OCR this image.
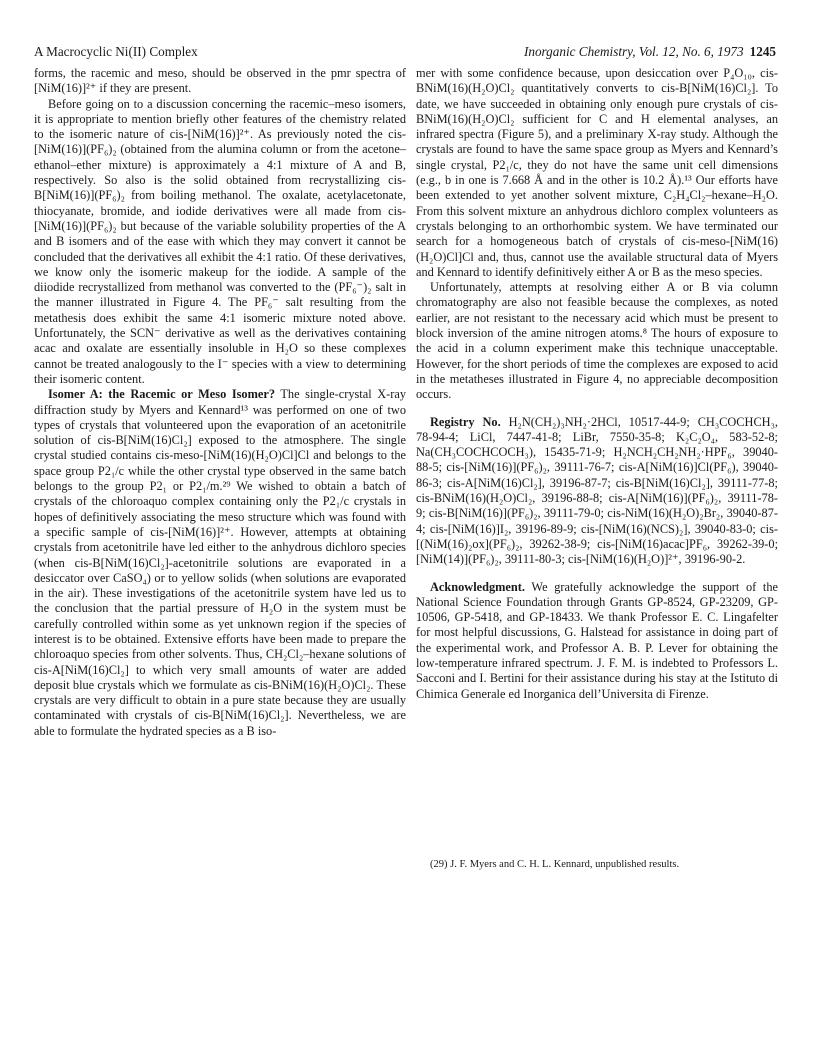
A Macrocyclic Ni(II) Complex	Inorganic Chemistry, Vol. 12, No. 6, 1973 1245

forms, the racemic and meso, should be observed in the pmr spectra of [NiM(16)]²⁺ if they are present.

Before going on to a discussion concerning the racemic–meso isomers, it is appropriate to mention briefly other features of the chemistry related to the isomeric nature of cis-[NiM(16)]²⁺. As previously noted the cis-[NiM(16)](PF₆)₂ (obtained from the alumina column or from the acetone–ethanol–ether mixture) is approximately a 4:1 mixture of A and B, respectively. So also is the solid obtained from recrystallizing cis-B[NiM(16)](PF₆)₂ from boiling methanol. The oxalate, acetylacetonate, thiocyanate, bromide, and iodide derivatives were all made from cis-[NiM(16)](PF₆)₂ but because of the variable solubility properties of the A and B isomers and of the ease with which they may convert it cannot be concluded that the derivatives all exhibit the 4:1 ratio. Of these derivatives, we know only the isomeric makeup for the iodide. A sample of the diiodide recrystallized from methanol was converted to the (PF₆⁻)₂ salt in the manner illustrated in Figure 4. The PF₆⁻ salt resulting from the metathesis does exhibit the same 4:1 isomeric mixture noted above. Unfortunately, the SCN⁻ derivative as well as the derivatives containing acac and oxalate are essentially insoluble in H₂O so these complexes cannot be treated analogously to the I⁻ species with a view to determining their isomeric content.

Isomer A: the Racemic or Meso Isomer? The single-crystal X-ray diffraction study by Myers and Kennard¹³ was performed on one of two types of crystals that volunteered upon the evaporation of an acetonitrile solution of cis-B[NiM(16)Cl₂] exposed to the atmosphere. The single crystal studied contains cis-meso-[NiM(16)(H₂O)Cl]Cl and belongs to the space group P2₁/c while the other crystal type observed in the same batch belongs to the group P2₁ or P2₁/m.²⁹ We wished to obtain a batch of crystals of the chloroaquo complex containing only the P2₁/c crystals in hopes of definitively associating the meso structure which was found with a specific sample of cis-[NiM(16)]²⁺. However, attempts at obtaining crystals from acetonitrile have led either to the anhydrous dichloro species (when cis-B[NiM(16)Cl₂]-acetonitrile solutions are evaporated in a desiccator over CaSO₄) or to yellow solids (when solutions are evaporated in the air). These investigations of the acetonitrile system have led us to the conclusion that the partial pressure of H₂O in the system must be carefully controlled within some as yet unknown region if the species of interest is to be obtained. Extensive efforts have been made to prepare the chloroaquo species from other solvents. Thus, CH₂Cl₂–hexane solutions of cis-A[NiM(16)Cl₂] to which very small amounts of water are added deposit blue crystals which we formulate as cis-BNiM(16)(H₂O)Cl₂. These crystals are very difficult to obtain in a pure state because they are usually contaminated with crystals of cis-B[NiM(16)Cl₂]. Nevertheless, we are able to formulate the hydrated species as a B iso-

mer with some confidence because, upon desiccation over P₄O₁₀, cis-BNiM(16)(H₂O)Cl₂ quantitatively converts to cis-B[NiM(16)Cl₂]. To date, we have succeeded in obtaining only enough pure crystals of cis-BNiM(16)(H₂O)Cl₂ sufficient for C and H elemental analyses, an infrared spectra (Figure 5), and a preliminary X-ray study. Although the crystals are found to have the same space group as Myers and Kennard’s single crystal, P2₁/c, they do not have the same unit cell dimensions (e.g., b in one is 7.668 Å and in the other is 10.2 Å).¹³ Our efforts have been extended to yet another solvent mixture, C₂H₄Cl₂–hexane–H₂O. From this solvent mixture an anhydrous dichloro complex volunteers as crystals belonging to an orthorhombic system. We have terminated our search for a homogeneous batch of crystals of cis-meso-[NiM(16)(H₂O)Cl]Cl and, thus, cannot use the available structural data of Myers and Kennard to identify definitively either A or B as the meso species.

Unfortunately, attempts at resolving either A or B via column chromatography are also not feasible because the complexes, as noted earlier, are not resistant to the necessary acid which must be present to block inversion of the amine nitrogen atoms.⁸ The hours of exposure to the acid in a column experiment make this technique unacceptable. However, for the short periods of time the complexes are exposed to acid in the metatheses illustrated in Figure 4, no appreciable decomposition occurs.

Registry No. H₂N(CH₂)₃NH₂·2HCl, 10517-44-9; CH₃COCHCH₃, 78-94-4; LiCl, 7447-41-8; LiBr, 7550-35-8; K₂C₂O₄, 583-52-8; Na(CH₃COCHCOCH₃), 15435-71-9; H₂NCH₂CH₂NH₂·HPF₆, 39040-88-5; cis-[NiM(16)](PF₆)₂, 39111-76-7; cis-A[NiM(16)]Cl(PF₆), 39040-86-3; cis-A[NiM(16)Cl₂], 39196-87-7; cis-B[NiM(16)Cl₂], 39111-77-8; cis-BNiM(16)(H₂O)Cl₂, 39196-88-8; cis-A[NiM(16)](PF₆)₂, 39111-78-9; cis-B[NiM(16)](PF₆)₂, 39111-79-0; cis-NiM(16)(H₂O)₂Br₂, 39040-87-4; cis-[NiM(16)]I₂, 39196-89-9; cis-[NiM(16)(NCS)₂], 39040-83-0; cis-[(NiM(16)₂ox](PF₆)₂, 39262-38-9; cis-[NiM(16)acac]PF₆, 39262-39-0; [NiM(14)](PF₆)₂, 39111-80-3; cis-[NiM(16)(H₂O)]²⁺, 39196-90-2.

Acknowledgment. We gratefully acknowledge the support of the National Science Foundation through Grants GP-8524, GP-23209, GP-10506, GP-5418, and GP-18433. We thank Professor E. C. Lingafelter for most helpful discussions, G. Halstead for assistance in doing part of the experimental work, and Professor A. B. P. Lever for obtaining the low-temperature infrared spectrum. J. F. M. is indebted to Professors L. Sacconi and I. Bertini for their assistance during his stay at the Istituto di Chimica Generale ed Inorganica dell’Universita di Firenze.

(29) J. F. Myers and C. H. L. Kennard, unpublished results.
